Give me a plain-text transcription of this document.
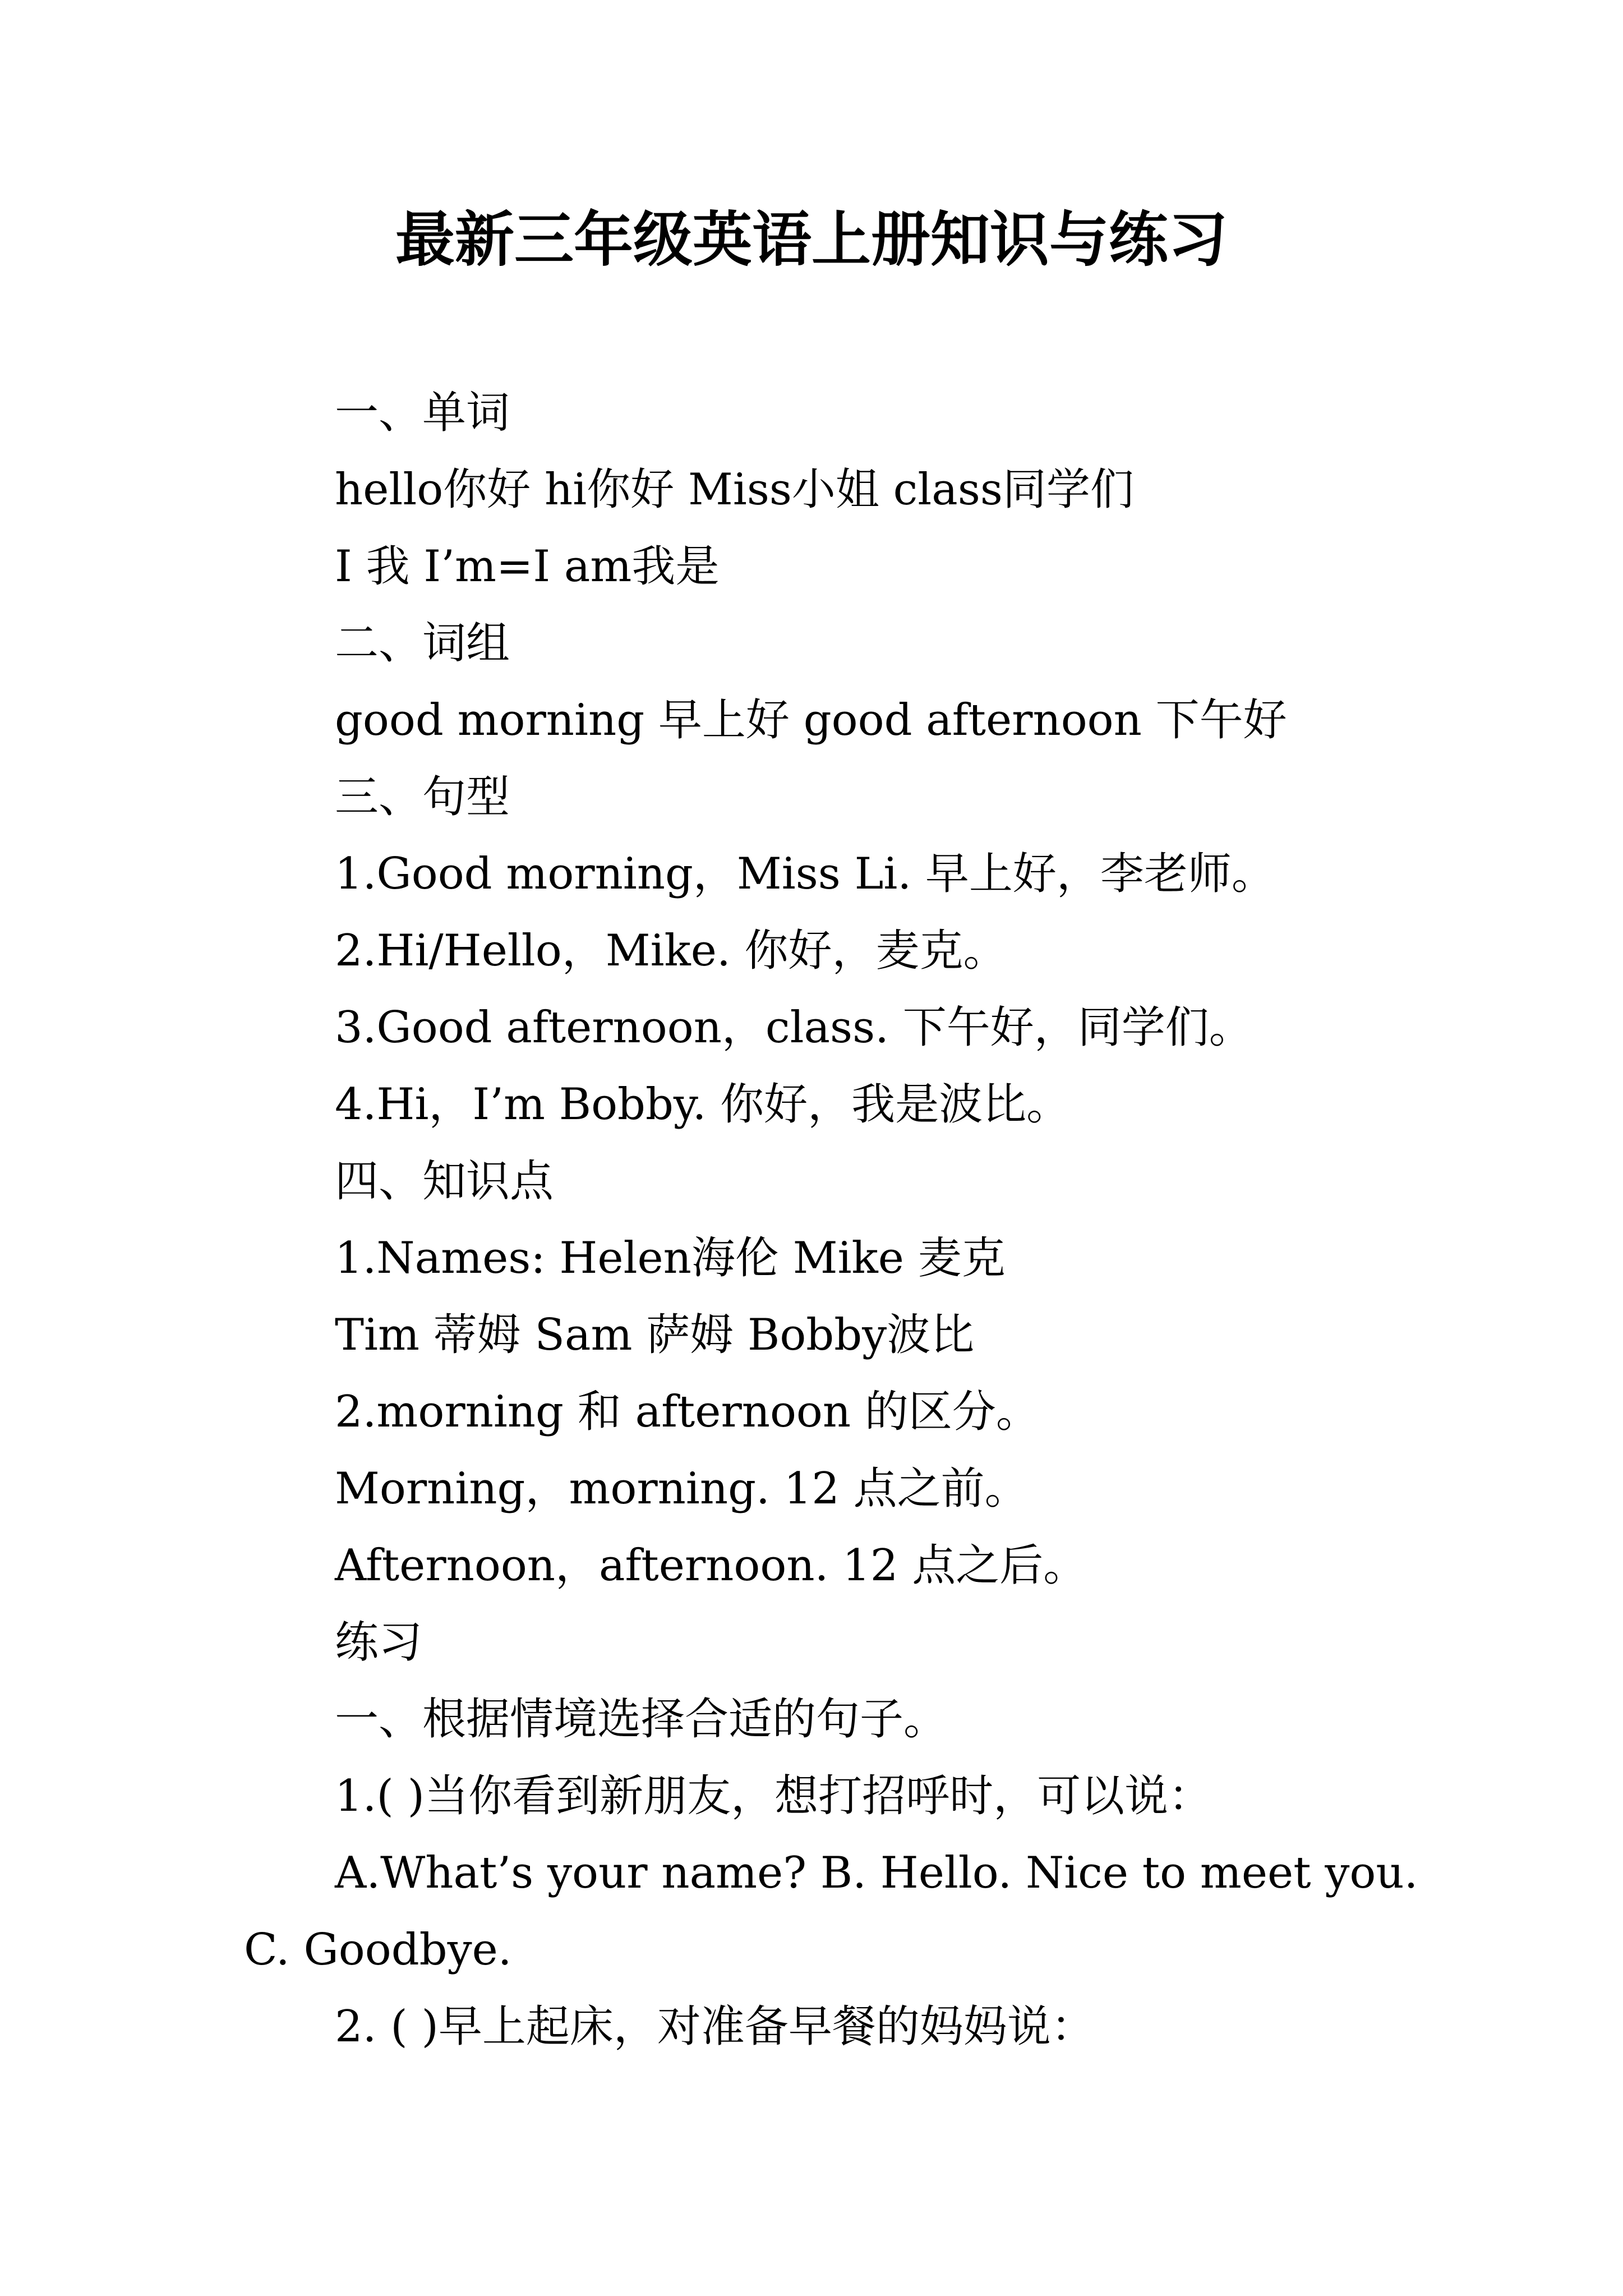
最新三年级英语上册知识与练习
一、单词
hello你好 hi你好 Miss小姐 class同学们
I 我 I’m=I am我是
二、词组
good morning 早上好 good afternoon 下午好
三、句型
1.Good morning，Miss Li. 早上好，李老师。
2.Hi/Hello，Mike. 你好，麦克。
3.Good afternoon，class. 下午好，同学们。
4.Hi，I’m Bobby. 你好，我是波比。
四、知识点
1.Names: Helen海伦 Mike 麦克
Tim 蒂姆 Sam 萨姆 Bobby波比
2.morning 和 afternoon 的区分。
Morning，morning. 12 点之前。
Afternoon，afternoon. 12 点之后。
练习
一、根据情境选择合适的句子。
1.( )当你看到新朋友，想打招呼时，可以说：
A.What’s your name? B. Hello. Nice to meet you.
C. Goodbye.
2. ( )早上起床，对准备早餐的妈妈说：
